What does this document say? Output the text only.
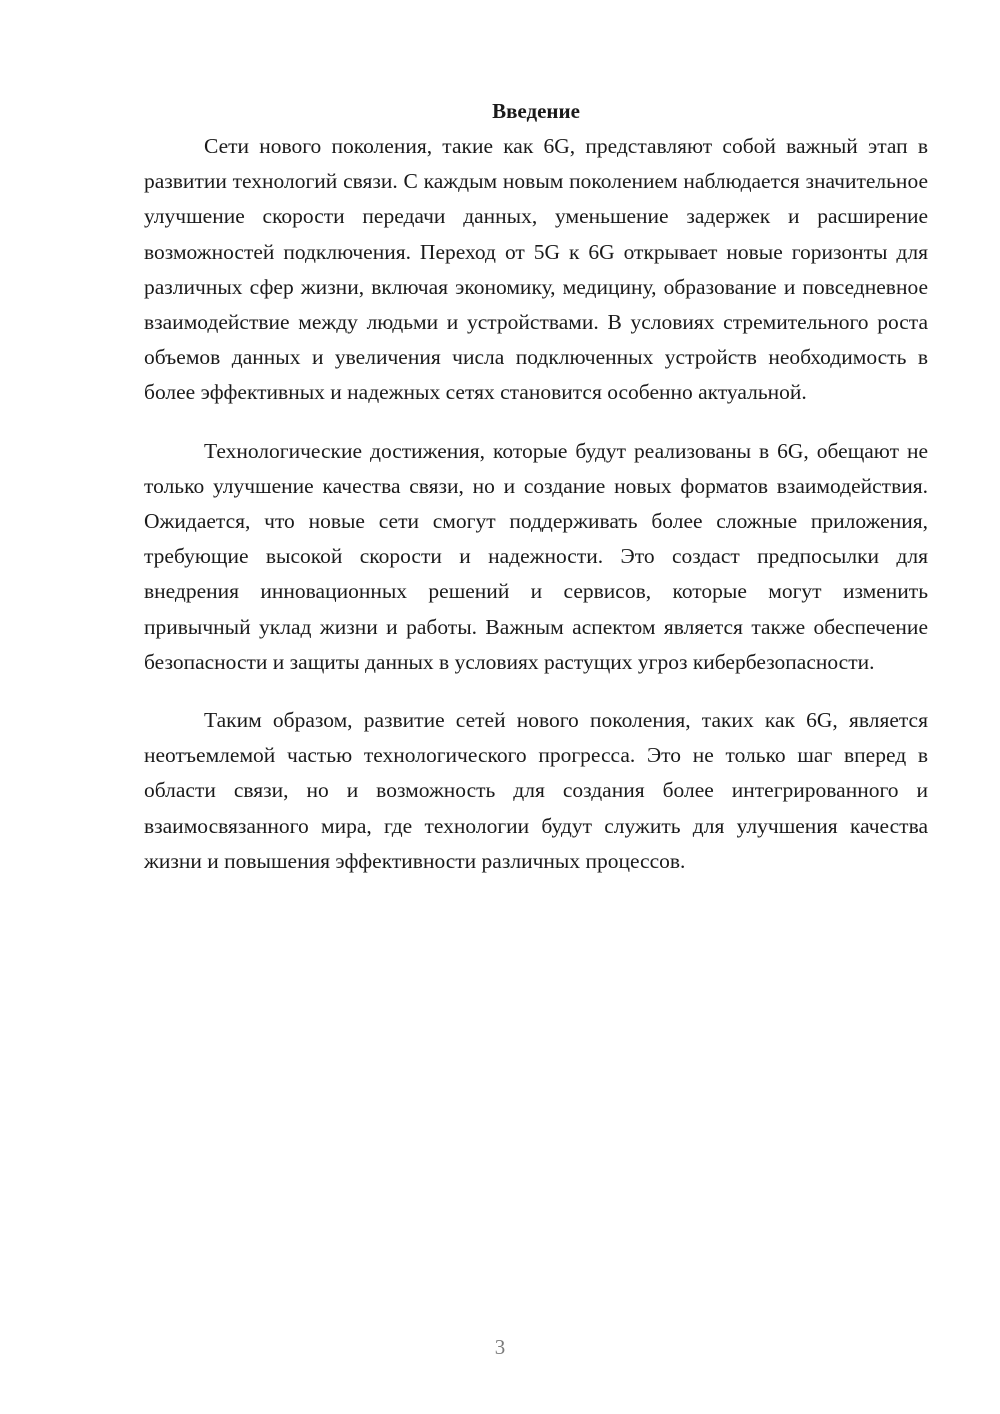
Введение

Сети нового поколения, такие как 6G, представляют собой важный этап в развитии технологий связи. С каждым новым поколением наблюдается значительное улучшение скорости передачи данных, уменьшение задержек и расширение возможностей подключения. Переход от 5G к 6G открывает новые горизонты для различных сфер жизни, включая экономику, медицину, образование и повседневное взаимодействие между людьми и устройствами. В условиях стремительного роста объемов данных и увеличения числа подключенных устройств необходимость в более эффективных и надежных сетях становится особенно актуальной.

Технологические достижения, которые будут реализованы в 6G, обещают не только улучшение качества связи, но и создание новых форматов взаимодействия. Ожидается, что новые сети смогут поддерживать более сложные приложения, требующие высокой скорости и надежности. Это создаст предпосылки для внедрения инновационных решений и сервисов, которые могут изменить привычный уклад жизни и работы. Важным аспектом является также обеспечение безопасности и защиты данных в условиях растущих угроз кибербезопасности.

Таким образом, развитие сетей нового поколения, таких как 6G, является неотъемлемой частью технологического прогресса. Это не только шаг вперед в области связи, но и возможность для создания более интегрированного и взаимосвязанного мира, где технологии будут служить для улучшения качества жизни и повышения эффективности различных процессов.

3
